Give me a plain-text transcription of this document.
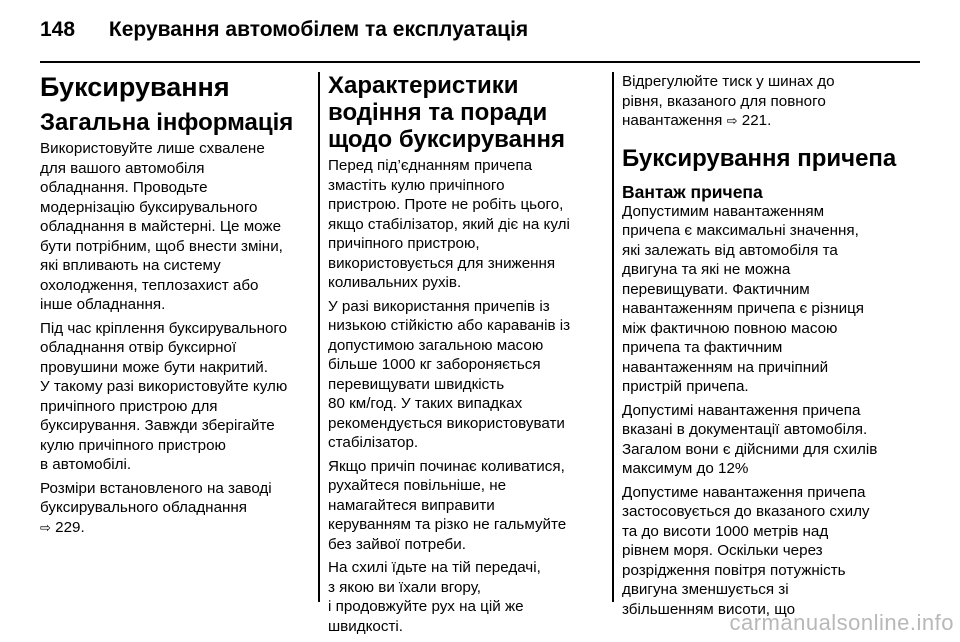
148 Керування автомобілем та експлуатація
Буксирування
Загальна інформація

Використовуйте лише схвалене
для вашого автомобіля
обладнання. Проводьте
модернізацію буксирувального
обладнання в майстерні. Це може
бути потрібним, щоб внести зміни,
які впливають на систему
охолодження, теплозахист або
інше обладнання.

Під час кріплення буксирувального
обладнання отвір буксирної
провушини може бути накритий.
У такому разі використовуйте кулю
причіпного пристрою для
буксирування. Завжди зберігайте
кулю причіпного пристрою
в автомобілі.

Розміри встановленого на заводі
буксирувального обладнання
⇨ 229.

Характеристики водіння та поради щодо буксирування

Перед під’єднанням причепа
змастіть кулю причіпного
пристрою. Проте не робіть цього,
якщо стабілізатор, який діє на кулі
причіпного пристрою,
використовується для зниження
коливальних рухів.

У разі використання причепів із
низькою стійкістю або караванів із
допустимою загальною масою
більше 1000 кг забороняється
перевищувати швидкість
80 км/год. У таких випадках
рекомендується використовувати
стабілізатор.

Якщо причіп починає коливатися,
рухайтеся повільніше, не
намагайтеся виправити
керуванням та різко не гальмуйте
без зайвої потреби.

На схилі їдьте на тій передачі,
з якою ви їхали вгору,
і продовжуйте рух на цій же
швидкості.

Відрегулюйте тиск у шинах до
рівня, вказаного для повного
навантаження ⇨ 221.

Буксирування причепа
Вантаж причепа

Допустимим навантаженням
причепа є максимальні значення,
які залежать від автомобіля та
двигуна та які не можна
перевищувати. Фактичним
навантаженням причепа є різниця
між фактичною повною масою
причепа та фактичним
навантаженням на причіпний
пристрій причепа.

Допустимі навантаження причепа
вказані в документації автомобіля.
Загалом вони є дійсними для схилів
максимум до 12%

Допустиме навантаження причепа
застосовується до вказаного схилу
та до висоти 1000 метрів над
рівнем моря. Оскільки через
розрідження повітря потужність
двигуна зменшується зі
збільшенням висоти, що

carmanualsonline.info
